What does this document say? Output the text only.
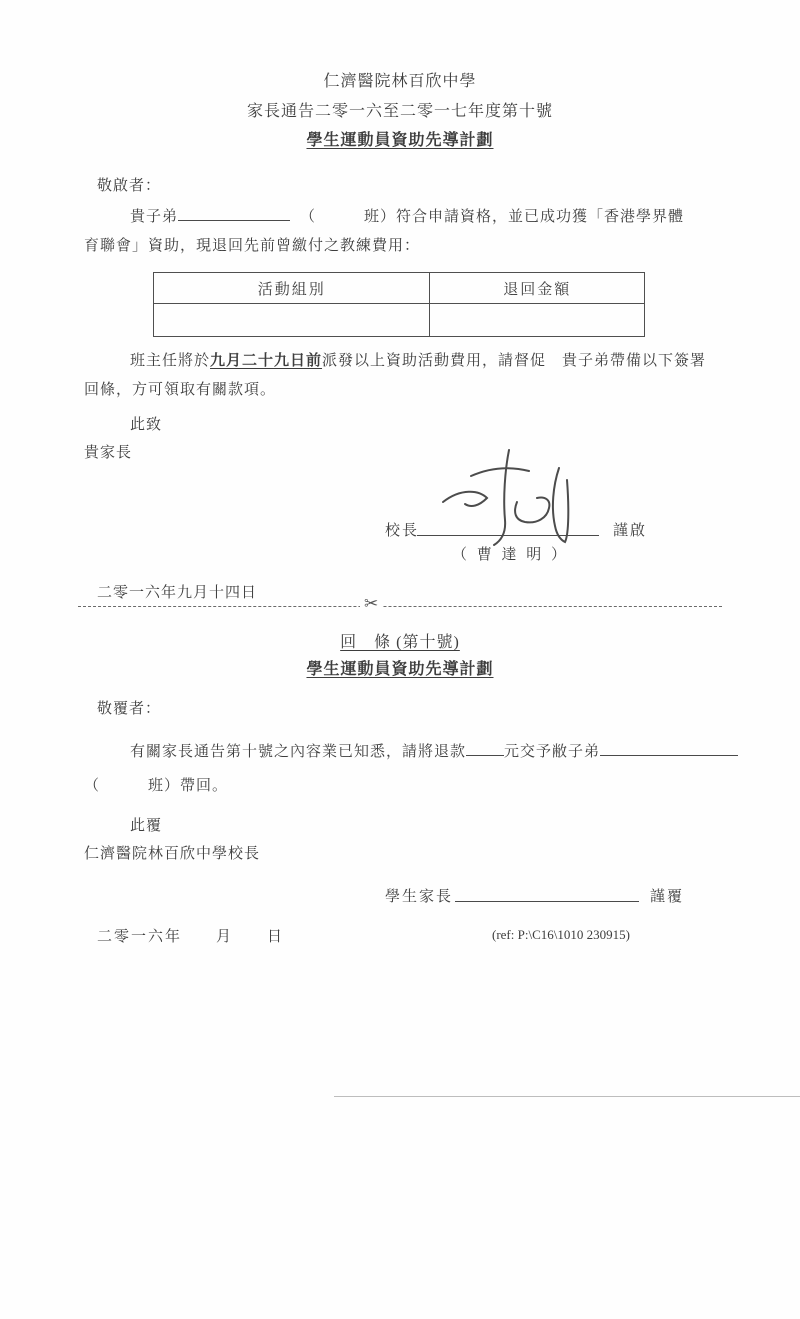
仁濟醫院林百欣中學
家長通告二零一六至二零一七年度第十號
學生運動員資助先導計劃
敬啟者：
貴子弟	（　　　班）符合申請資格，並已成功獲「香港學界體
育聯會」資助，現退回先前曾繳付之教練費用：
活動組別	退回金額

班主任將於九月二十九日前派發以上資助活動費用，請督促　貴子弟帶備以下簽署
回條，方可領取有關款項。
此致
貴家長
校長	謹啟
（ 曹 達 明 ）
二零一六年九月十四日
✂
回　條 (第十號)
學生運動員資助先導計劃
敬覆者：
有關家長通告第十號之內容業已知悉，請將退款	元交予敝子弟
（　　　班）帶回。
此覆
仁濟醫院林百欣中學校長
學生家長	謹覆
二零一六年　　月　　日	(ref: P:\C16\1010 230915)
